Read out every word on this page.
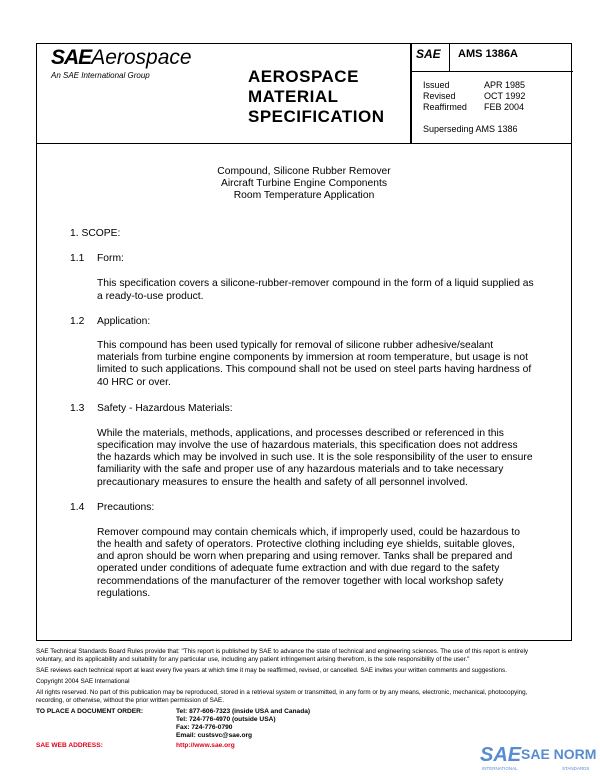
SAEAerospace
An SAE International Group	AEROSPACE
MATERIAL
SPECIFICATION
SAE AMS 1386A
Issued	APR 1985
Revised	OCT 1992
Reaffirmed FEB 2004
Superseding AMS 1386
Compound, Silicone Rubber Remover
Aircraft Turbine Engine Components
Room Temperature Application
1. SCOPE:
1.1 Form:
This specification covers a silicone-rubber-remover compound in the form of a liquid supplied as
a ready-to-use product.
1.2 Application:
This compound has been used typically for removal of silicone rubber adhesive/sealant
materials from turbine engine components by immersion at room temperature, but usage is not
limited to such applications. This compound shall not be used on steel parts having hardness of
40 HRC or over.
1.3 Safety - Hazardous Materials:
While the materials, methods, applications, and processes described or referenced in this
specification may involve the use of hazardous materials, this specification does not address
the hazards which may be involved in such use. It is the sole responsibility of the user to ensure
familiarity with the safe and proper use of any hazardous materials and to take necessary
precautionary measures to ensure the health and safety of all personnel involved.
1.4 Precautions:
Remover compound may contain chemicals which, if improperly used, could be hazardous to
the health and safety of operators. Protective clothing including eye shields, suitable gloves,
and apron should be worn when preparing and using remover. Tanks shall be prepared and
operated under conditions of adequate fume extraction and with due regard to the safety
recommendations of the manufacturer of the remover together with local workshop safety
regulations.
SAE Technical Standards Board Rules provide that: "This report is published by SAE to advance the state of technical and engineering sciences. The use of this report is entirely
voluntary, and its applicability and suitability for any particular use, including any patient infringement arising therefrom, is the sole responsibility of the user."
SAE reviews each technical report at least every five years at which time it may be reaffirmed, revised, or cancelled. SAE invites your written comments and suggestions.
Copyright 2004 SAE International
All rights reserved. No part of this publication may be reproduced, stored in a retrieval system or transmitted, in any form or by any means, electronic, mechanical, photocopying,
recording, or otherwise, without the prior written permission of SAE.
TO PLACE A DOCUMENT ORDER:	Tel: 877-606-7323 (inside USA and Canada)
Tel: 724-776-4970 (outside USA)
Fax: 724-776-0790
Email: custsvc@sae.org
SAE WEB ADDRESS:	http://www.sae.org	SAE SAE NORM
INTERNATIONAL	STANDARDS
